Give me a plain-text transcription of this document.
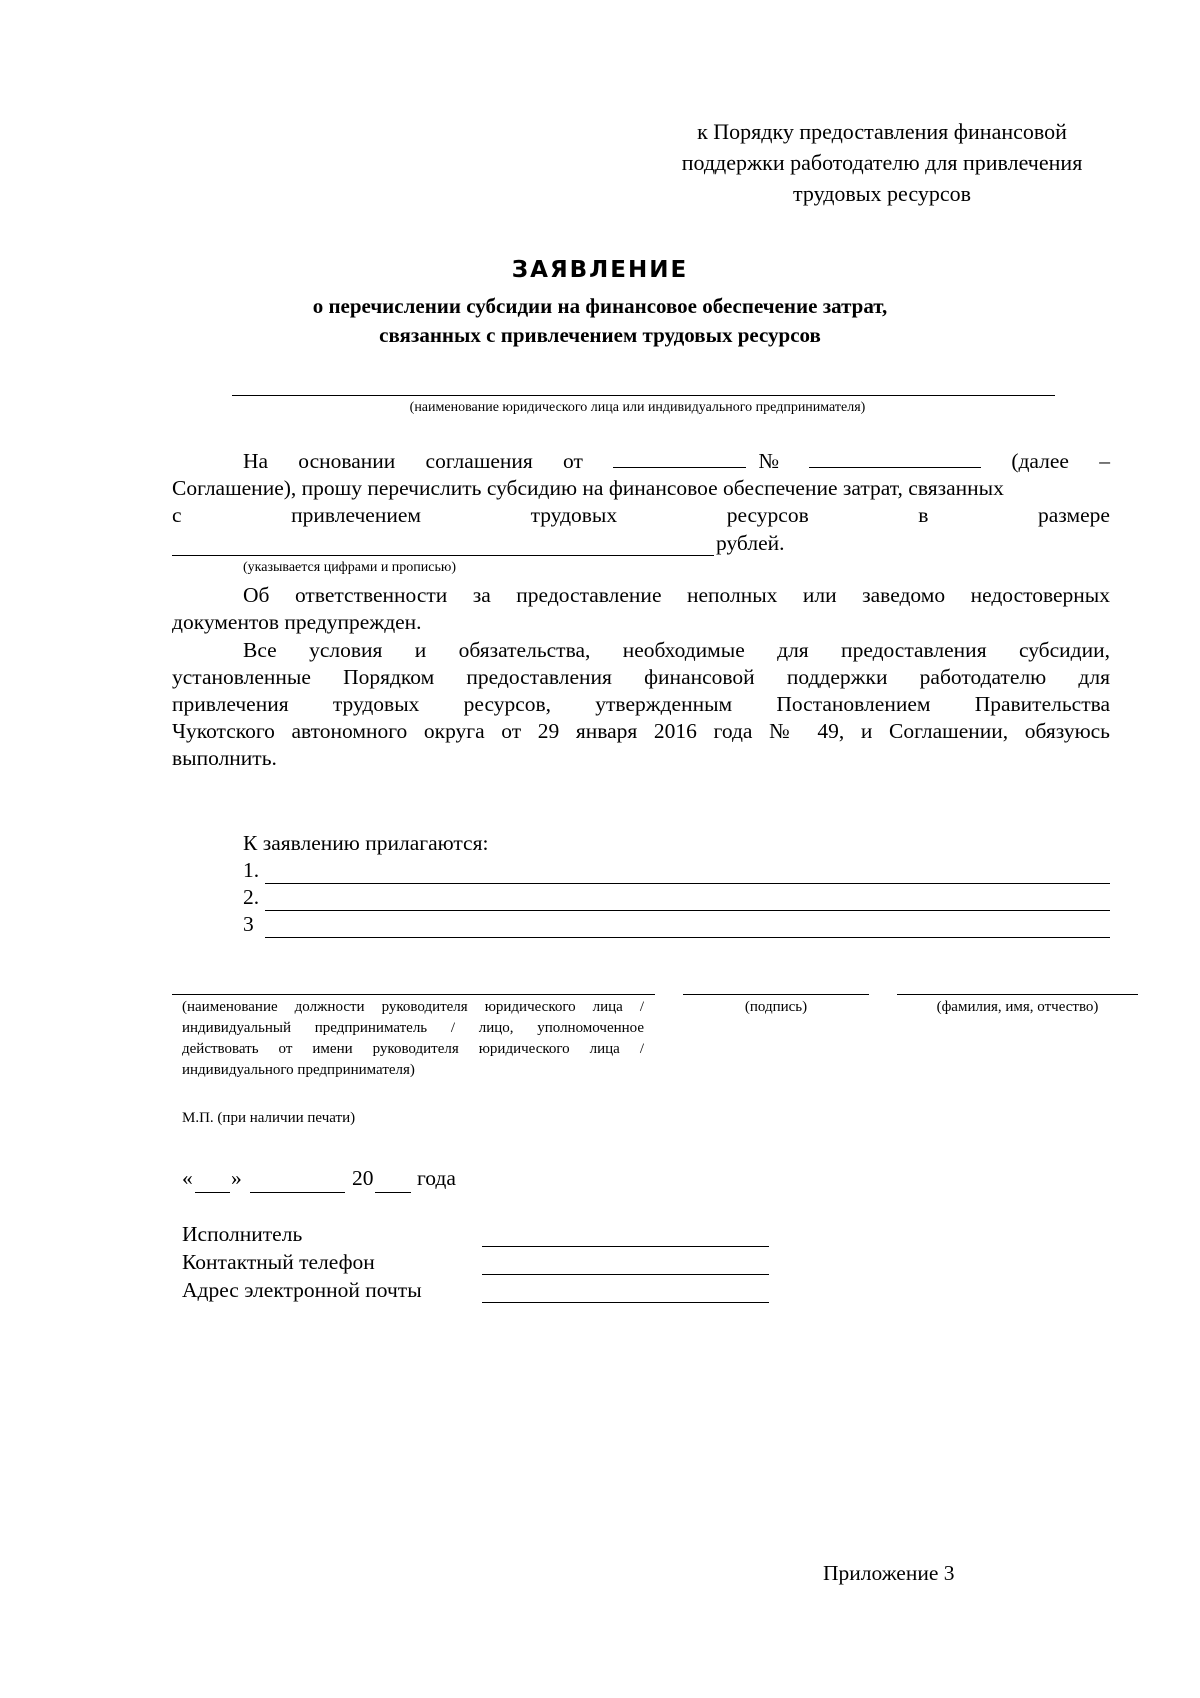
к Порядку предоставления финансовой
поддержки работодателю для привлечения
трудовых ресурсов
ЗАЯВЛЕНИЕ
о перечислении субсидии на финансовое обеспечение затрат,
связанных с привлечением трудовых ресурсов
(наименование юридического лица или индивидуального предпринимателя)
На основании соглашения от	№	(далее –
Соглашение), прошу перечислить субсидию на финансовое обеспечение затрат, связанных
с	привлечением	трудовых	ресурсов	в	размере
рублей.
(указывается цифрами и прописью)
Об ответственности за предоставление неполных или заведомо недостоверных
документов предупрежден.
Все условия и обязательства, необходимые для предоставления субсидии,
установленные Порядком предоставления финансовой поддержки работодателю для
привлечения трудовых ресурсов, утвержденным Постановлением Правительства
Чукотского автономного округа от 29 января 2016 года № 49, и Соглашении, обязуюсь
выполнить.
К заявлению прилагаются:
1.
2.
3
(наименование должности руководителя юридического лица / индивидуальный предприниматель / лицо, уполномоченное действовать от имени руководителя юридического лица / индивидуального предпринимателя)
(подпись)	(фамилия, имя, отчество)
М.П. (при наличии печати)
« »	20 года
Исполнитель
Контактный телефон
Адрес электронной почты
Приложение 3
